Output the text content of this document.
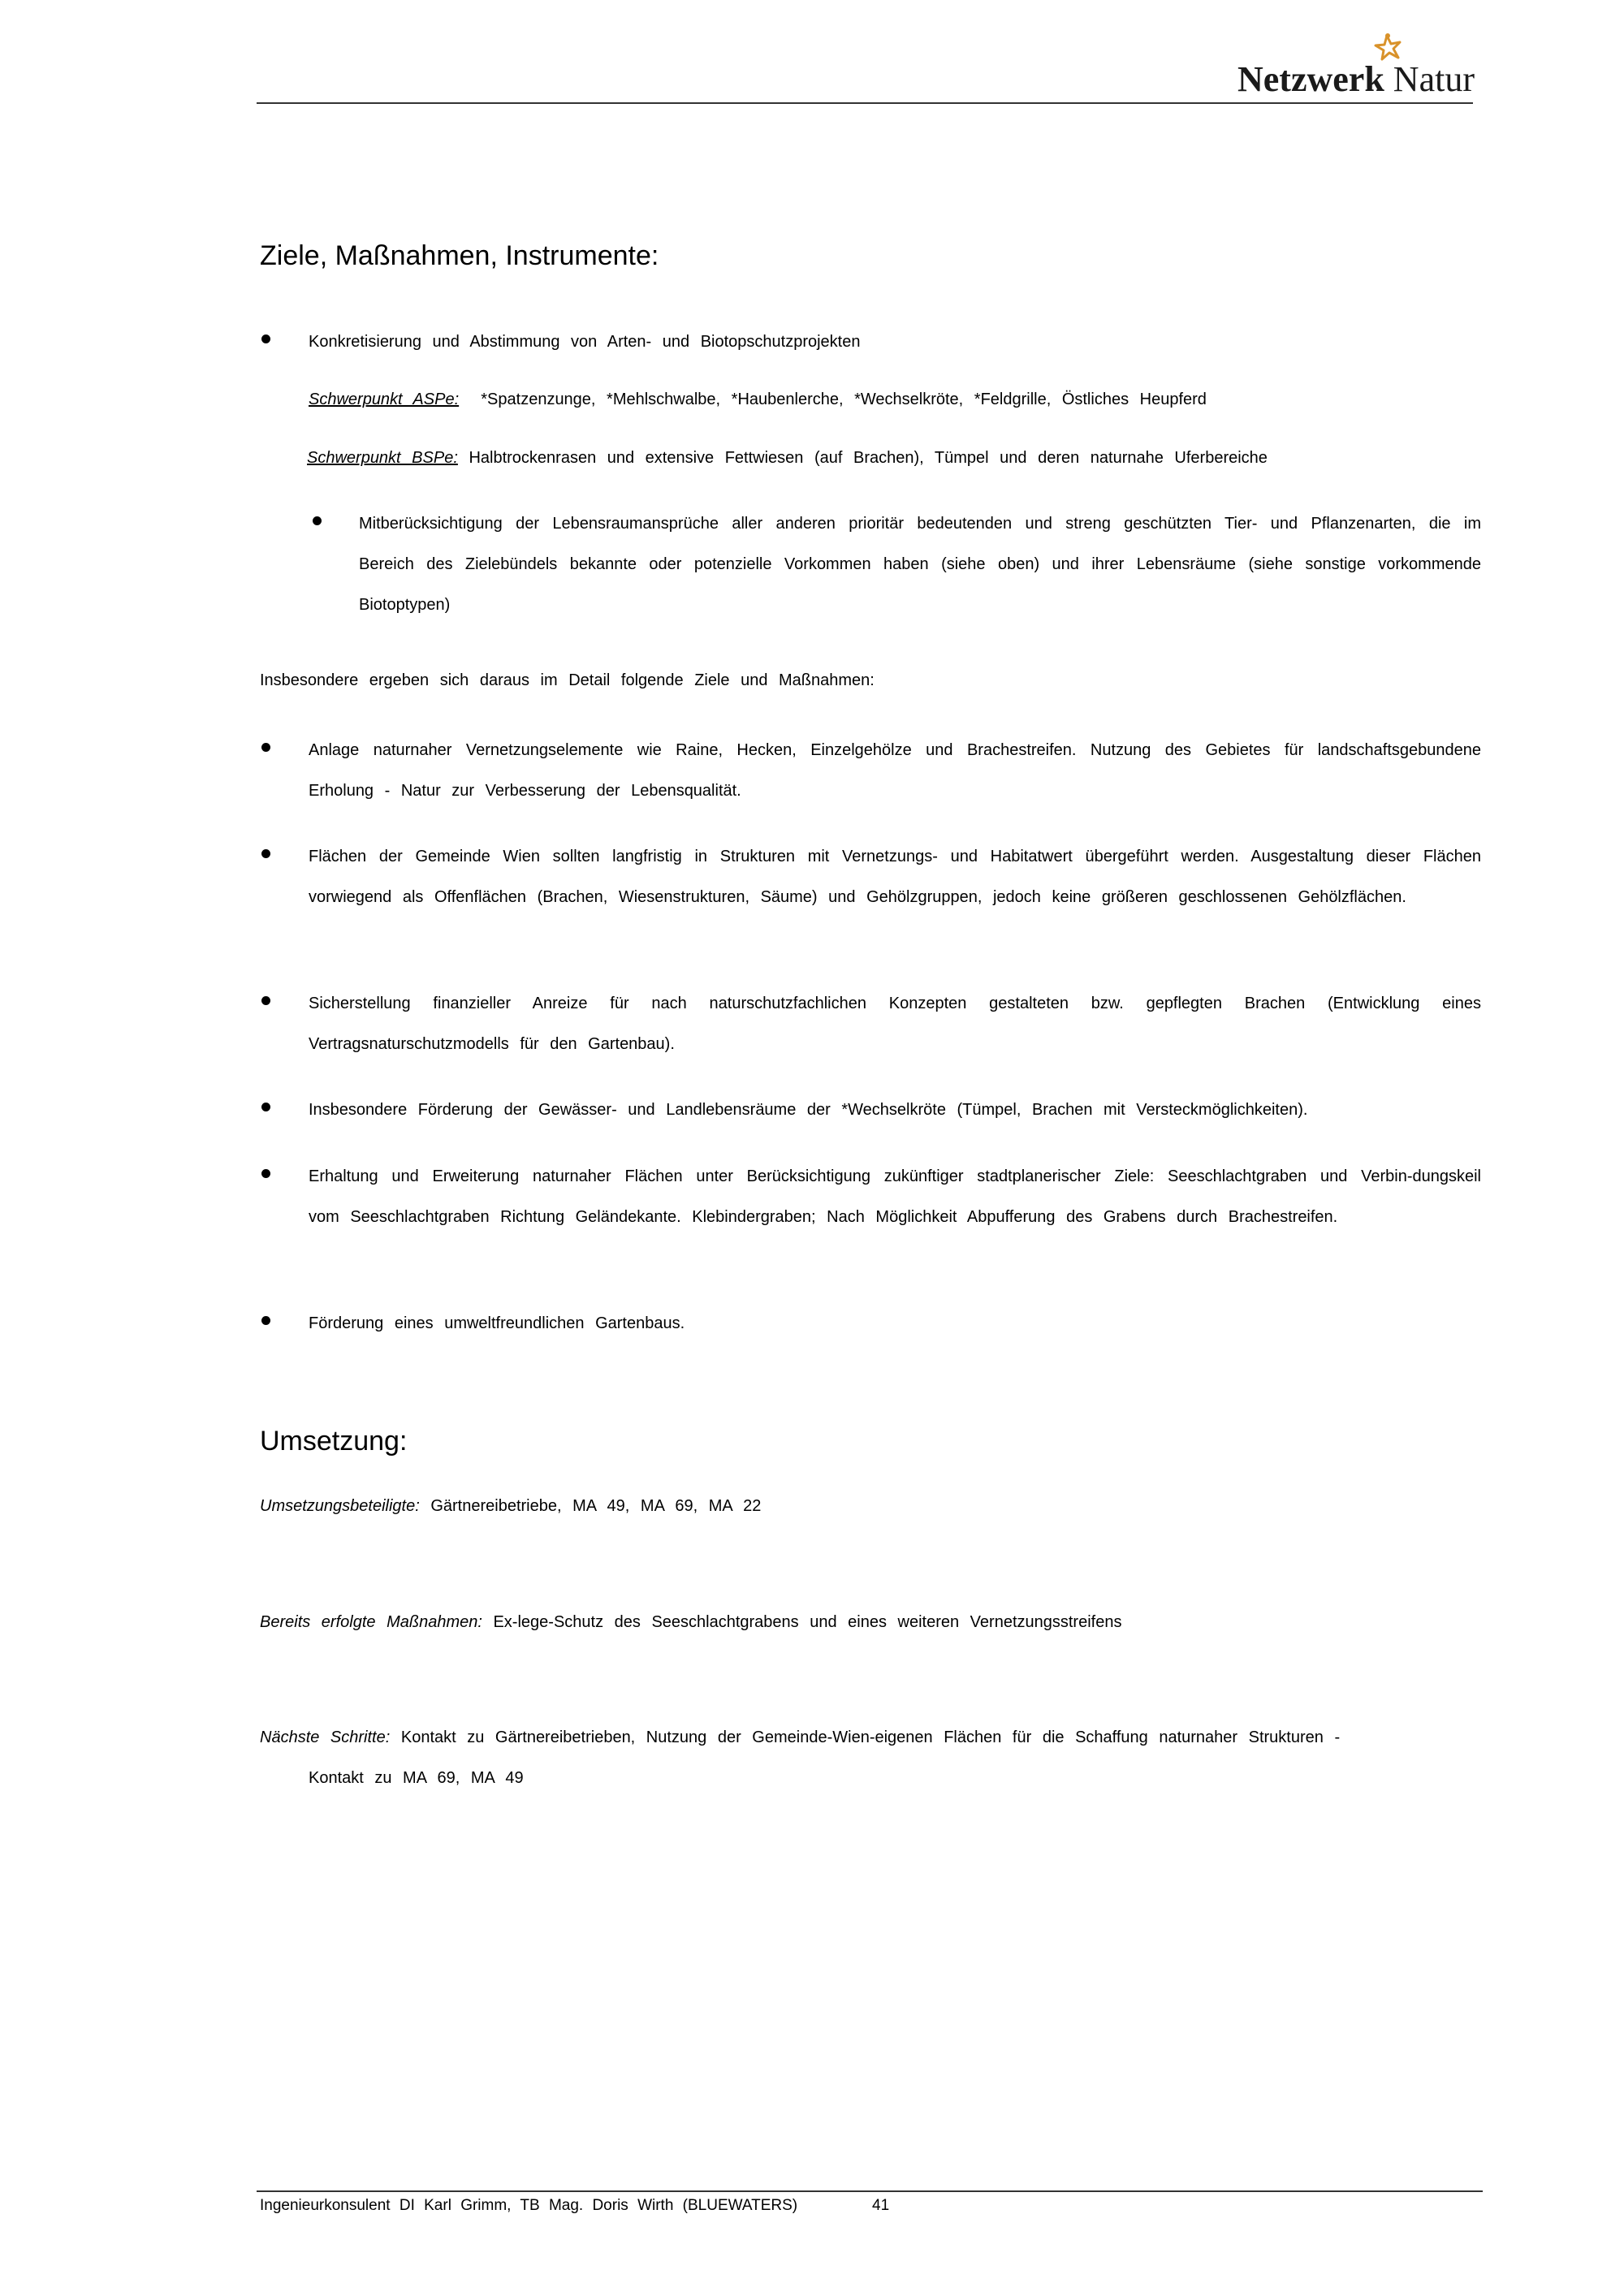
Netzwerk Natur
Ziele, Maßnahmen, Instrumente:
Konkretisierung und Abstimmung von Arten- und Biotopschutzprojekten
Schwerpunkt ASPe: *Spatzenzunge, *Mehlschwalbe, *Haubenlerche, *Wechselkröte, *Feldgrille, Östliches Heupferd
Schwerpunkt BSPe: Halbtrockenrasen und extensive Fettwiesen (auf Brachen), Tümpel und deren naturnahe Uferbereiche
Mitberücksichtigung der Lebensraumansprüche aller anderen prioritär bedeutenden und streng geschützten Tier- und Pflanzenarten, die im Bereich des Zielebündels bekannte oder potenzielle Vorkommen haben (siehe oben) und ihrer Lebensräume (siehe sonstige vorkommende Biotoptypen)
Insbesondere ergeben sich daraus im Detail folgende Ziele und Maßnahmen:
Anlage naturnaher Vernetzungselemente wie Raine, Hecken, Einzelgehölze und Brachestreifen. Nutzung des Gebietes für landschaftsgebundene Erholung - Natur zur Verbesserung der Lebensqualität.
Flächen der Gemeinde Wien sollten langfristig in Strukturen mit Vernetzungs- und Habitatwert übergeführt werden. Ausgestaltung dieser Flächen vorwiegend als Offenflächen (Brachen, Wiesenstrukturen, Säume) und Gehölzgruppen, jedoch keine größeren geschlossenen Gehölzflächen.
Sicherstellung finanzieller Anreize für nach naturschutzfachlichen Konzepten gestalteten bzw. gepflegten Brachen (Entwicklung eines Vertragsnaturschutzmodells für den Gartenbau).
Insbesondere Förderung der Gewässer- und Landlebensräume der *Wechselkröte (Tümpel, Brachen mit Versteckmöglichkeiten).
Erhaltung und Erweiterung naturnaher Flächen unter Berücksichtigung zukünftiger stadtplanerischer Ziele: Seeschlachtgraben und Verbin-dungskeil vom Seeschlachtgraben Richtung Geländekante. Klebindergraben; Nach Möglichkeit Abpufferung des Grabens durch Brachestreifen.
Förderung eines umweltfreundlichen Gartenbaus.
Umsetzung:
Umsetzungsbeteiligte: Gärtnereibetriebe, MA 49, MA 69, MA 22
Bereits erfolgte Maßnahmen: Ex-lege-Schutz des Seeschlachtgrabens und eines weiteren Vernetzungsstreifens
Nächste Schritte: Kontakt zu Gärtnereibetrieben, Nutzung der Gemeinde-Wien-eigenen Flächen für die Schaffung naturnaher Strukturen -
Kontakt zu MA 69, MA 49
Ingenieurkonsulent DI Karl Grimm, TB Mag. Doris Wirth (BLUEWATERS)	41
